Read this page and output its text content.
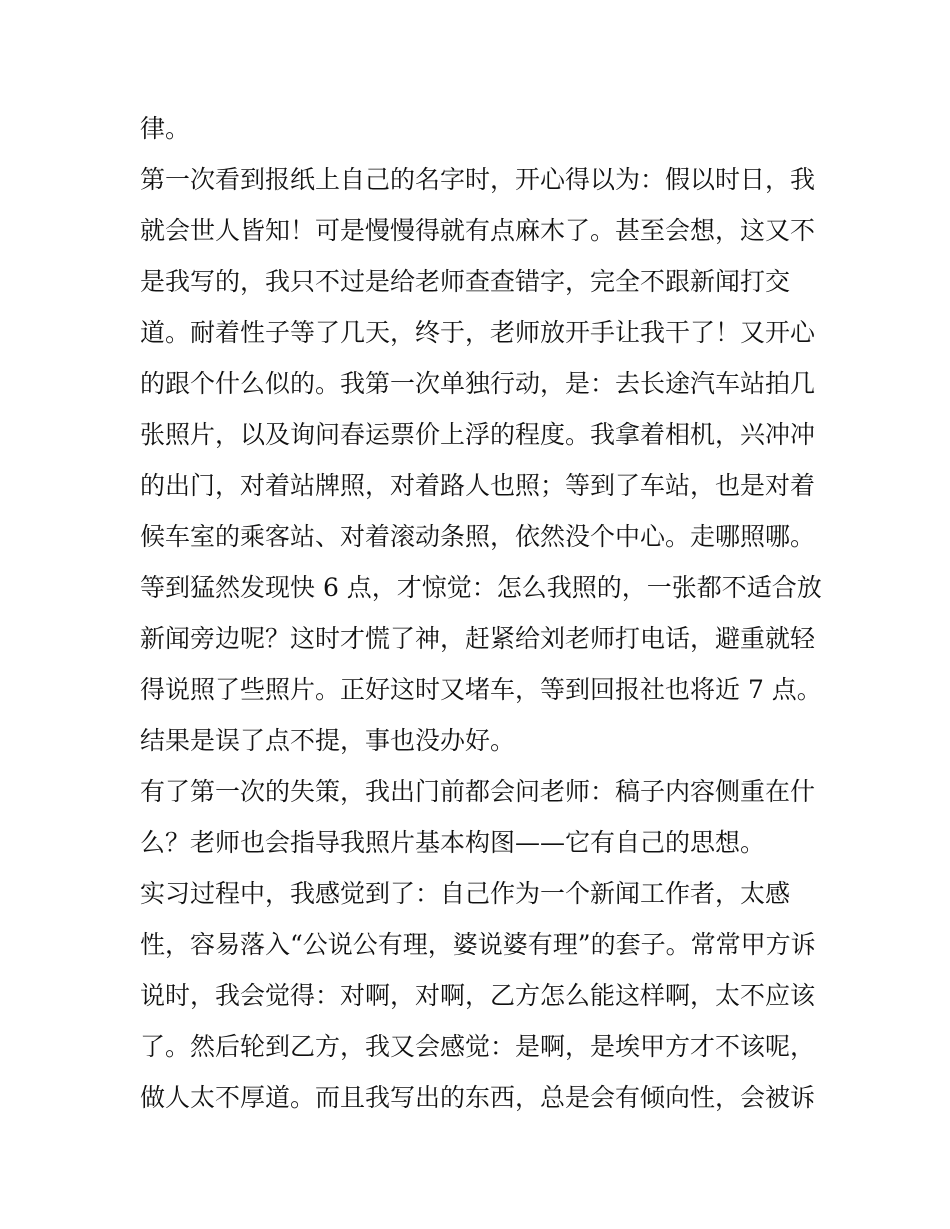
律。
第一次看到报纸上自己的名字时，开心得以为：假以时日，我
就会世人皆知！可是慢慢得就有点麻木了。甚至会想，这又不
是我写的，我只不过是给老师查查错字，完全不跟新闻打交
道。耐着性子等了几天，终于，老师放开手让我干了！又开心
的跟个什么似的。我第一次单独行动，是：去长途汽车站拍几
张照片，以及询问春运票价上浮的程度。我拿着相机，兴冲冲
的出门，对着站牌照，对着路人也照；等到了车站，也是对着
候车室的乘客站、对着滚动条照，依然没个中心。走哪照哪。
等到猛然发现快 6 点，才惊觉：怎么我照的，一张都不适合放
新闻旁边呢？这时才慌了神，赶紧给刘老师打电话，避重就轻
得说照了些照片。正好这时又堵车，等到回报社也将近 7 点。
结果是误了点不提，事也没办好。
有了第一次的失策，我出门前都会问老师：稿子内容侧重在什
么？老师也会指导我照片基本构图——它有自己的思想。
实习过程中，我感觉到了：自己作为一个新闻工作者，太感
性，容易落入“公说公有理，婆说婆有理”的套子。常常甲方诉
说时，我会觉得：对啊，对啊，乙方怎么能这样啊，太不应该
了。然后轮到乙方，我又会感觉：是啊，是埃甲方才不该呢，
做人太不厚道。而且我写出的东西，总是会有倾向性，会被诉
